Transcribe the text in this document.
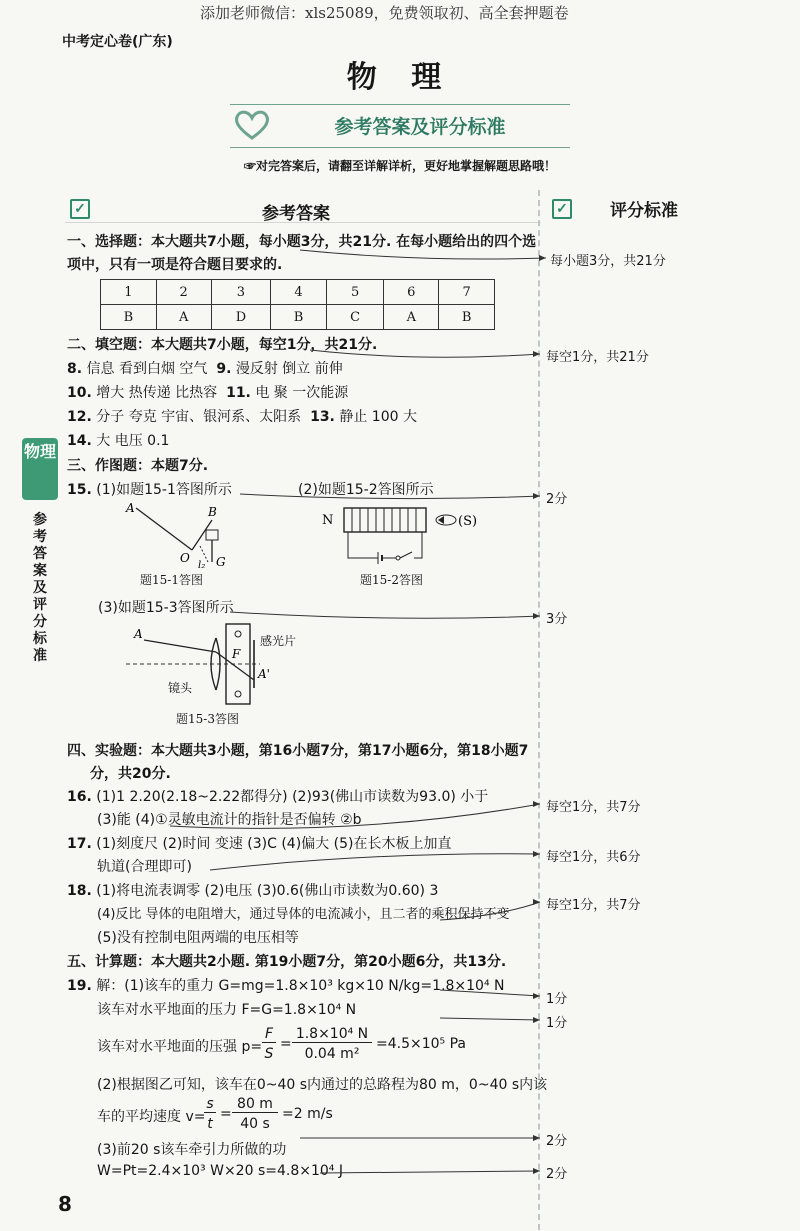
添加老师微信：xls25089，免费领取初、高全套押题卷
中考定心卷(广东)
物 理
参考答案及评分标准
☞对完答案后，请翻至详解详析，更好地掌握解题思路哦！
✓	参考答案	✓ 评分标准
物理
参考答案及评分标准
一、选择题：本大题共7小题，每小题3分，共21分. 在每小题给出的四个选
项中，只有一项是符合题目要求的.
1	2	3	4	5	6	7
B	A	D	B	C	A	B
二、填空题：本大题共7小题，每空1分，共21分.
8. 信息 看到白烟 空气 9. 漫反射 倒立 前伸
10. 增大 热传递 比热容 11. 电 聚 一次能源
12. 分子 夸克 宇宙、银河系、太阳系 13. 静止 100 大
14. 大 电压 0.1
三、作图题：本题7分.
15. (1)如题15-1答图所示	(2)如题15-2答图所示
A	B
O G
l₂
题15-1答图
N	(S)
题15-2答图
(3)如题15-3答图所示
A
F
A'
感光片
镜头
题15-3答图
四、实验题：本大题共3小题，第16小题7分，第17小题6分，第18小题7
分，共20分.
16. (1)1 2.20(2.18~2.22都得分) (2)93(佛山市读数为93.0) 小于
(3)能 (4)①灵敏电流计的指针是否偏转 ②b
17. (1)刻度尺 (2)时间 变速 (3)C (4)偏大 (5)在长木板上加直
轨道(合理即可)
18. (1)将电流表调零 (2)电压 (3)0.6(佛山市读数为0.60) 3
(4)反比 导体的电阻增大，通过导体的电流减小，且二者的乘积保持不变
(5)没有控制电阻两端的电压相等
五、计算题：本大题共2小题. 第19小题7分，第20小题6分，共13分.
19. 解：(1)该车的重力 G=mg=1.8×10³ kg×10 N/kg=1.8×10⁴ N
该车对水平地面的压力 F=G=1.8×10⁴ N
该车对水平地面的压强 p=
F
S
=
1.8×10⁴ N
0.04 m²
=4.5×10⁵ Pa
(2)根据图乙可知，该车在0~40 s内通过的总路程为80 m，0~40 s内该
车的平均速度 v=
s
t
=
80 m
40 s
=2 m/s
(3)前20 s该车牵引力所做的功
W=Pt=2.4×10³ W×20 s=4.8×10⁴ J
每小题3分，共21分
每空1分，共21分
2分
3分
每空1分，共7分
每空1分，共6分
每空1分，共7分
1分
1分
2分
2分
8
